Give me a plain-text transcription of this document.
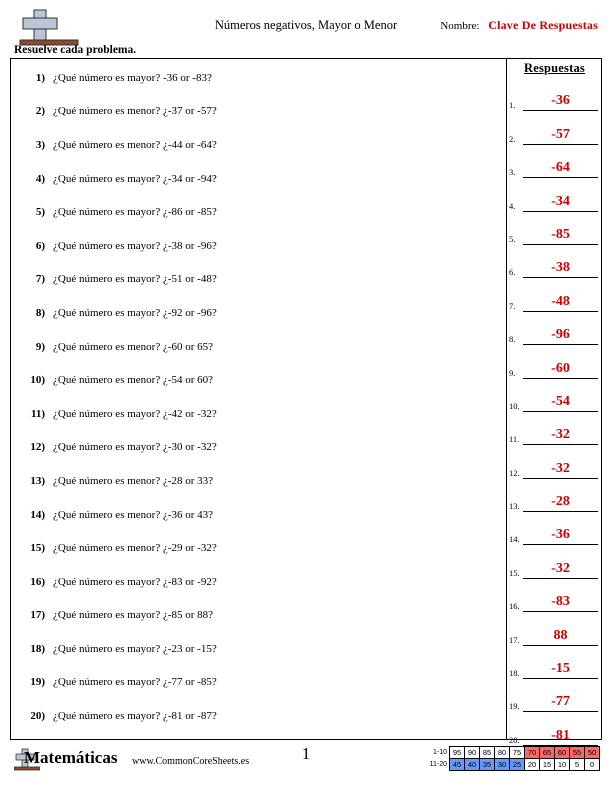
Números negativos, Mayor o Menor	Nombre: Clave De Respuestas
Resuelve cada problema.
1) ¿Qué número es mayor? -36 or -83?
2) ¿Qué número es menor? ¿-37 or -57?
3) ¿Qué número es menor? ¿-44 or -64?
4) ¿Qué número es mayor? ¿-34 or -94?
5) ¿Qué número es mayor? ¿-86 or -85?
6) ¿Qué número es mayor? ¿-38 or -96?
7) ¿Qué número es mayor? ¿-51 or -48?
8) ¿Qué número es mayor? ¿-92 or -96?
9) ¿Qué número es menor? ¿-60 or 65?
10) ¿Qué número es menor? ¿-54 or 60?
11) ¿Qué número es mayor? ¿-42 or -32?
12) ¿Qué número es mayor? ¿-30 or -32?
13) ¿Qué número es menor? ¿-28 or 33?
14) ¿Qué número es menor? ¿-36 or 43?
15) ¿Qué número es menor? ¿-29 or -32?
16) ¿Qué número es mayor? ¿-83 or -92?
17) ¿Qué número es mayor? ¿-85 or 88?
18) ¿Qué número es mayor? ¿-23 or -15?
19) ¿Qué número es mayor? ¿-77 or -85?
20) ¿Qué número es mayor? ¿-81 or -87?
Respuestas
1.	-36
2.	-57
3.	-64
4.	-34
5.	-85
6.	-38
7.	-48
8.	-96
9.	-60
10.	-54
11.	-32
12.	-32
13.	-28
14.	-36
15.	-32
16.	-83
17.	88
18.	-15
19.	-77
20.	-81
Matemáticas www.CommonCoreSheets.es	1	1-10	95	90	85	80	75	70	65	60	55	50
11-20	45	40	35	30	25	20	15	10	5	0
